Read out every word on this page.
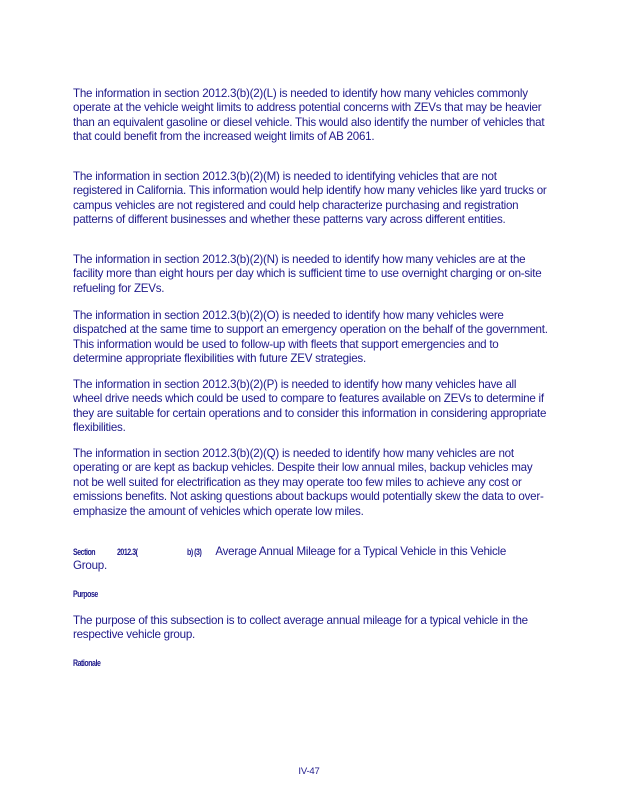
The information in section 2012.3(b)(2)(L) is needed to identify how many vehicles commonly operate at the vehicle weight limits to address potential concerns with ZEVs that may be heavier than an equivalent gasoline or diesel vehicle. This would also identify the number of vehicles that that could benefit from the increased weight limits of AB 2061.

The information in section 2012.3(b)(2)(M) is needed to identifying vehicles that are not registered in California. This information would help identify how many vehicles like yard trucks or campus vehicles are not registered and could help characterize purchasing and registration patterns of different businesses and whether these patterns vary across different entities.

The information in section 2012.3(b)(2)(N) is needed to identify how many vehicles are at the facility more than eight hours per day which is sufficient time to use overnight charging or on-site refueling for ZEVs.

The information in section 2012.3(b)(2)(O) is needed to identify how many vehicles were dispatched at the same time to support an emergency operation on the behalf of the government. This information would be used to follow-up with fleets that support emergencies and to determine appropriate flexibilities with future ZEV strategies.

The information in section 2012.3(b)(2)(P) is needed to identify how many vehicles have all wheel drive needs which could be used to compare to features available on ZEVs to determine if they are suitable for certain operations and to consider this information in considering appropriate flexibilities.

The information in section 2012.3(b)(2)(Q) is needed to identify how many vehicles are not operating or are kept as backup vehicles. Despite their low annual miles, backup vehicles may not be well suited for electrification as they may operate too few miles to achieve any cost or emissions benefits. Not asking questions about backups would potentially skew the data to over-emphasize the amount of vehicles which operate low miles.

Section 2012.3(	b) (3) Average Annual Mileage for a Typical Vehicle in this Vehicle
Group.
Purpose

The purpose of this subsection is to collect average annual mileage for a typical vehicle in the respective vehicle group.

Rationale
IV-47
